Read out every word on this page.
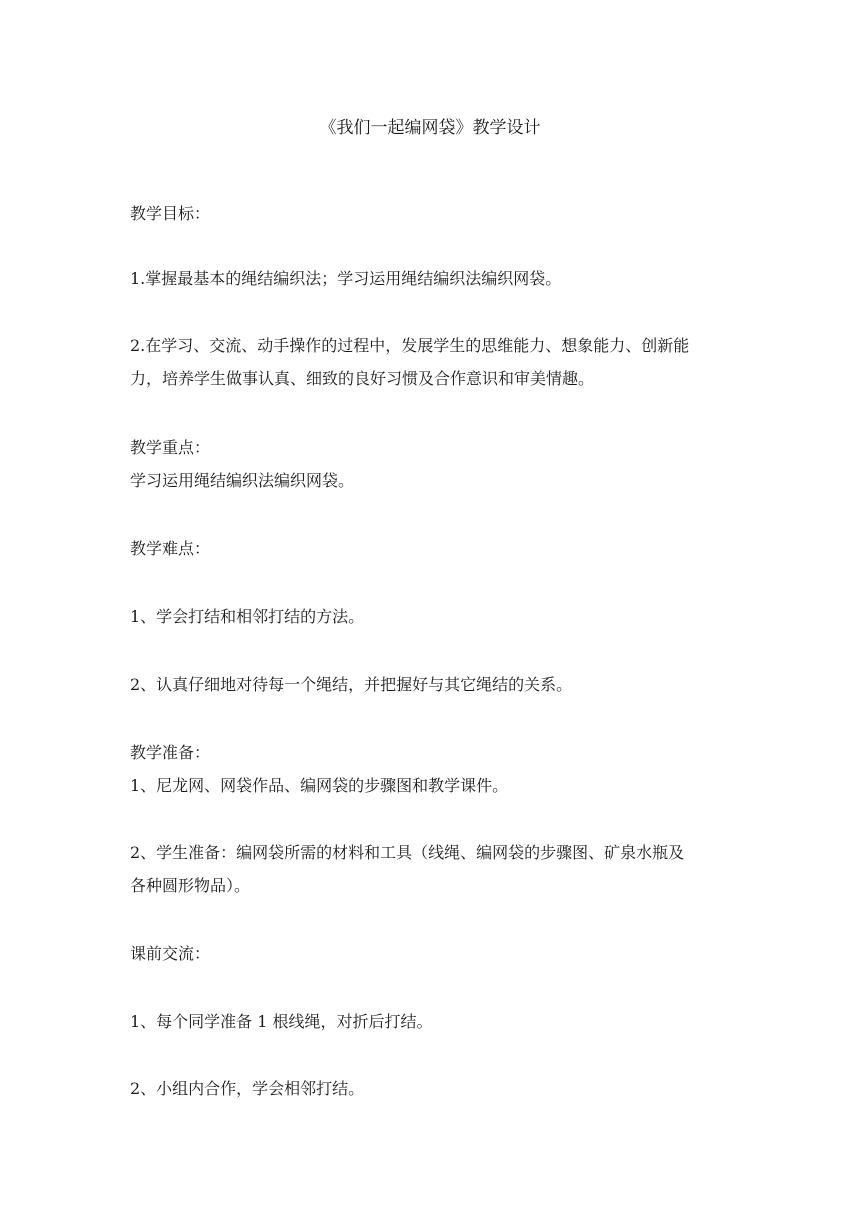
《我们一起编网袋》教学设计

教学目标：

1.掌握最基本的绳结编织法；学习运用绳结编织法编织网袋。

2.在学习、交流、动手操作的过程中，发展学生的思维能力、想象能力、创新能

力，培养学生做事认真、细致的良好习惯及合作意识和审美情趣。

教学重点：

学习运用绳结编织法编织网袋。

教学难点：

1、学会打结和相邻打结的方法。

2、认真仔细地对待每一个绳结，并把握好与其它绳结的关系。

教学准备：

1、尼龙网、网袋作品、编网袋的步骤图和教学课件。

2、学生准备：编网袋所需的材料和工具（线绳、编网袋的步骤图、矿泉水瓶及

各种圆形物品）。

课前交流：

1、每个同学准备 1 根线绳，对折后打结。

2、小组内合作，学会相邻打结。
